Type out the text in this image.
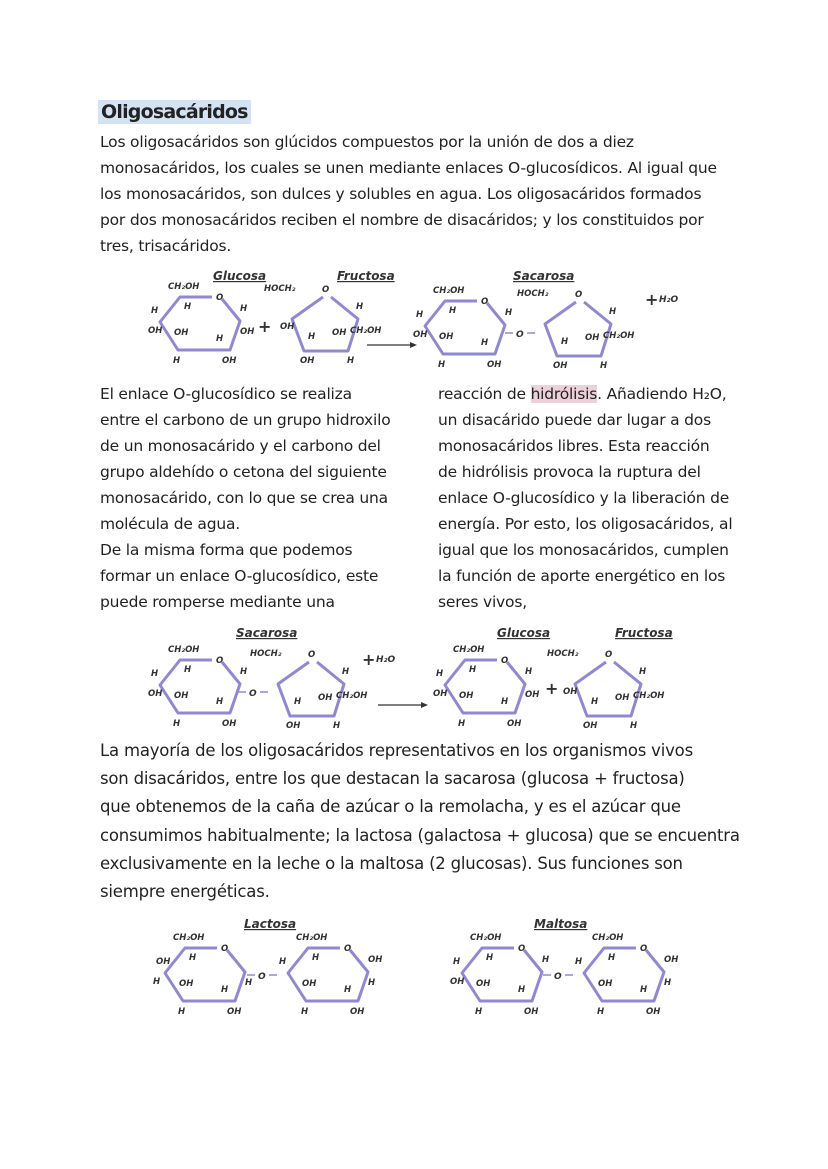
Oligosacáridos
Los oligosacáridos son glúcidos compuestos por la unión de dos a diez
monosacáridos, los cuales se unen mediante enlaces O-glucosídicos. Al igual que
los monosacáridos, son dulces y solubles en agua. Los oligosacáridos formados
por dos monosacáridos reciben el nombre de disacáridos; y los constituidos por
tres, trisacáridos.
El enlace O-glucosídico se realiza
entre el carbono de un grupo hidroxilo
de un monosacárido y el carbono del
grupo aldehído o cetona del siguiente
monosacárido, con lo que se crea una
molécula de agua.
De la misma forma que podemos
formar un enlace O-glucosídico, este
puede romperse mediante una
reacción de hidrólisis. Añadiendo H₂O,
un disacárido puede dar lugar a dos
monosacáridos libres. Esta reacción
de hidrólisis provoca la ruptura del
enlace O-glucosídico y la liberación de
energía. Por esto, los oligosacáridos, al
igual que los monosacáridos, cumplen
la función de aporte energético en los
seres vivos,
La mayoría de los oligosacáridos representativos en los organismos vivos
son disacáridos, entre los que destacan la sacarosa (glucosa + fructosa)
que obtenemos de la caña de azúcar o la remolacha, y es el azúcar que
consumimos habitualmente; la lactosa (galactosa + glucosa) que se encuentra
exclusivamente en la leche o la maltosa (2 glucosas). Sus funciones son
siempre energéticas.
CH₂OH
H
O
H
OH
H
OH OH
H
H	OH
Glucosa
+
HOCH₂	O
H
CH₂OH
OH
H OH
OH	H
Fructosa
CH₂OH
H
O
H
H
OH OH
H
H	OH
O
HOCH₂	O
H
CH₂OH
H OH
OH	H
Sacarosa
+ H₂O
CH₂OH
H
O
H
H
OH OH
H
H	OH
O
HOCH₂	O
H
CH₂OH
H OH
OH	H
Sacarosa
+ H₂O
CH₂OH
H
O
H
OH
H
OH OH
H
H	OH
Glucosa
+
HOCH₂	O
H
CH₂OH
OH
H OH
OH	H
Fructosa
CH₂OH
H
O
H
OH
H OH
H
H	OH
O
CH₂OH
H
O
OH
H
H
OH
H
H	OH
Lactosa
CH₂OH
H
O
H
H
OH OH
H
H	OH
O
CH₂OH
H
O
OH
H
H
OH
H
H	OH
Maltosa
